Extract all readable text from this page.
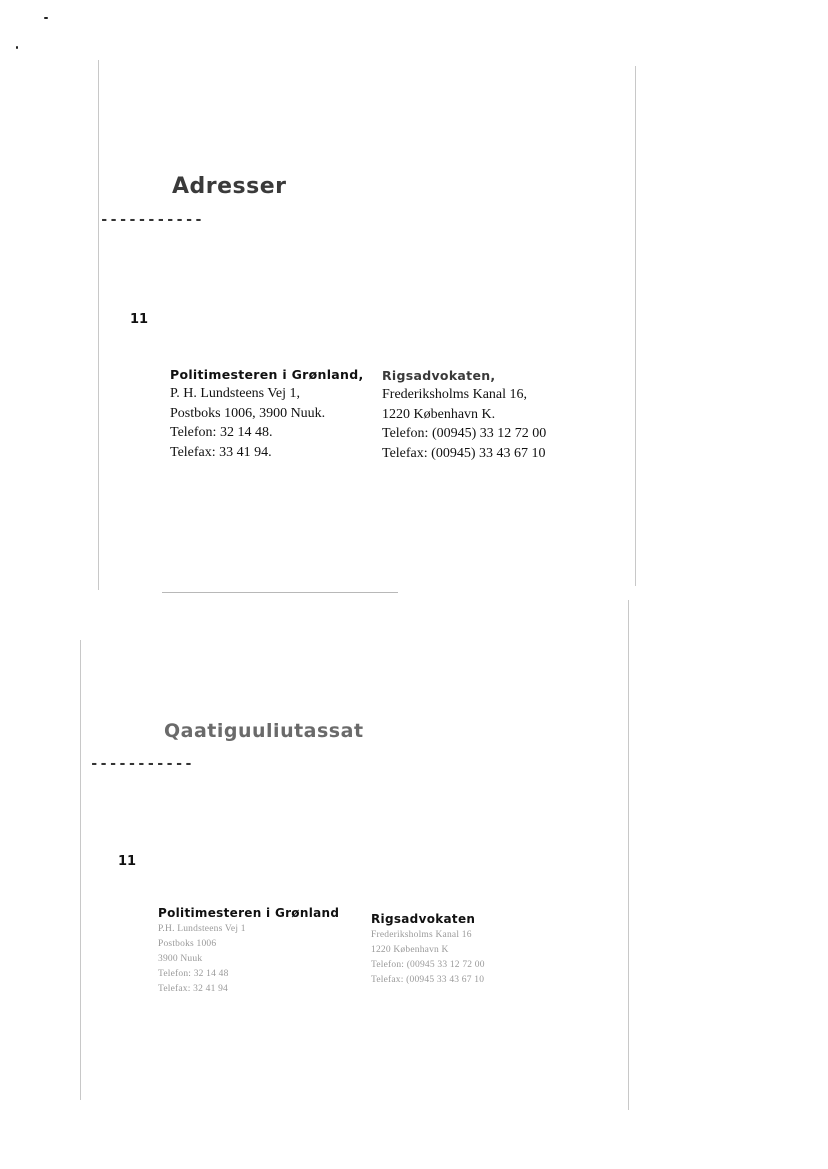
Adresser
-----------
11
Politimesteren i Grønland,
P. H. Lundsteens Vej 1,
Postboks 1006, 3900 Nuuk.
Telefon: 32 14 48.
Telefax: 33 41 94.
Rigsadvokaten,
Frederiksholms Kanal 16,
1220 København K.
Telefon: (00945) 33 12 72 00
Telefax: (00945) 33 43 67 10
Qaatiguuliutassat
-----------
11
Politimesteren i Grønland
P.H. Lundsteens Vej 1
Postboks 1006
3900 Nuuk
Telefon: 32 14 48
Telefax: 32 41 94
Rigsadvokaten
Frederiksholms Kanal 16
1220 København K
Telefon: (00945 33 12 72 00
Telefax: (00945 33 43 67 10
